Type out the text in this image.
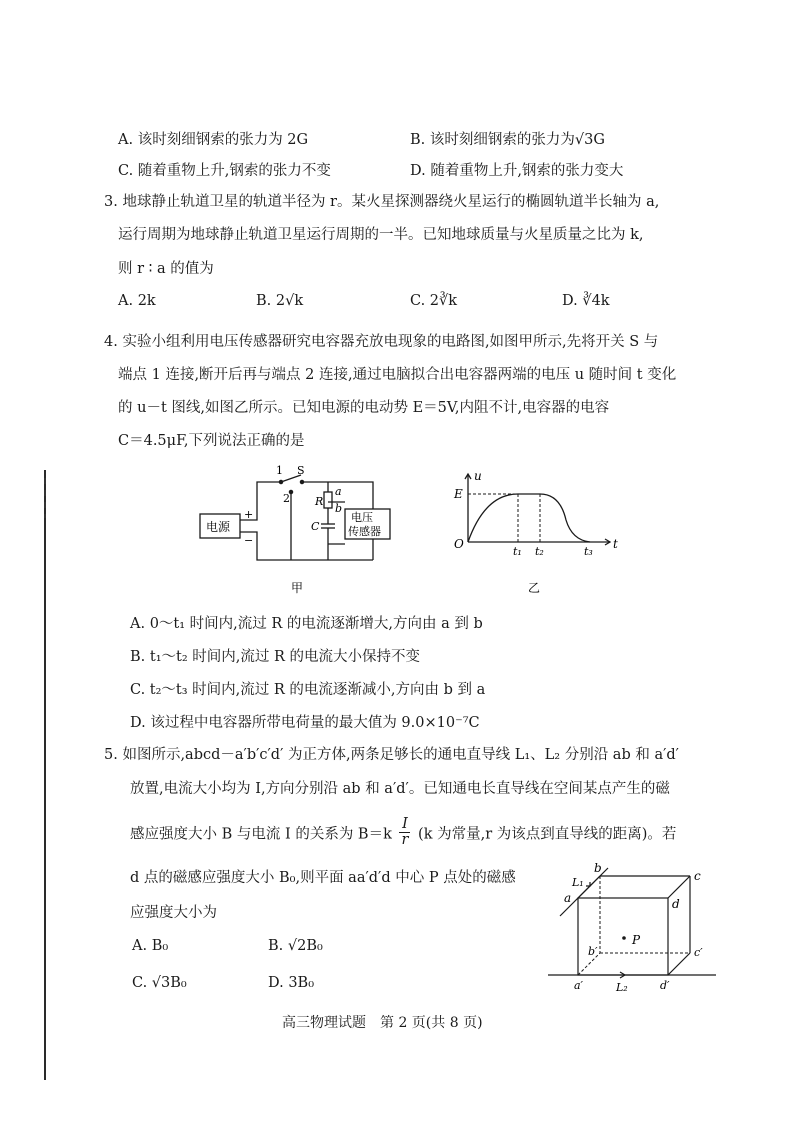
A. 该时刻细钢索的张力为 2G	B. 该时刻细钢索的张力为√3G
C. 随着重物上升,钢索的张力不变	D. 随着重物上升,钢索的张力变大
3. 地球静止轨道卫星的轨道半径为 r。某火星探测器绕火星运行的椭圆轨道半长轴为 a,
运行周期为地球静止轨道卫星运行周期的一半。已知地球质量与火星质量之比为 k,
则 r ∶ a 的值为
A. 2k	B. 2√k	C. 2∛k	D. ∛4k
4. 实验小组利用电压传感器研究电容器充放电现象的电路图,如图甲所示,先将开关 S 与
端点 1 连接,断开后再与端点 2 连接,通过电脑拟合出电容器两端的电压 u 随时间 t 变化
的 u－t 图线,如图乙所示。已知电源的电动势 E＝5V,内阻不计,电容器的电容
C＝4.5μF,下列说法正确的是
电源
电压
传感器
1 S
2 R
a
b
C
+
−
甲
u
t
E
O
t₁ t₂	t₃
乙
A. 0～t₁ 时间内,流过 R 的电流逐渐增大,方向由 a 到 b
B. t₁～t₂ 时间内,流过 R 的电流大小保持不变
C. t₂～t₃ 时间内,流过 R 的电流逐渐减小,方向由 b 到 a
D. 该过程中电容器所带电荷量的最大值为 9.0×10⁻⁷C
5. 如图所示,abcd－a′b′c′d′ 为正方体,两条足够长的通电直导线 L₁、L₂ 分别沿 ab 和 a′d′
放置,电流大小均为 I,方向分别沿 ab 和 a′d′。已知通电长直导线在空间某点产生的磁
感应强度大小 B 与电流 I 的关系为 $B=k \frac{I}{r} (k$ 为常量,r 为该点到直导线的距离)。若
d 点的磁感应强度大小 B₀,则平面 aa′d′d 中心 P 点处的磁感
应强度大小为
A. B₀	B. √2B₀
C. √3B₀	D. 3B₀
P
a
b
c
d
a′
b′	c′
d′
L₁
L₂
高三物理试题　第 2 页(共 8 页)
